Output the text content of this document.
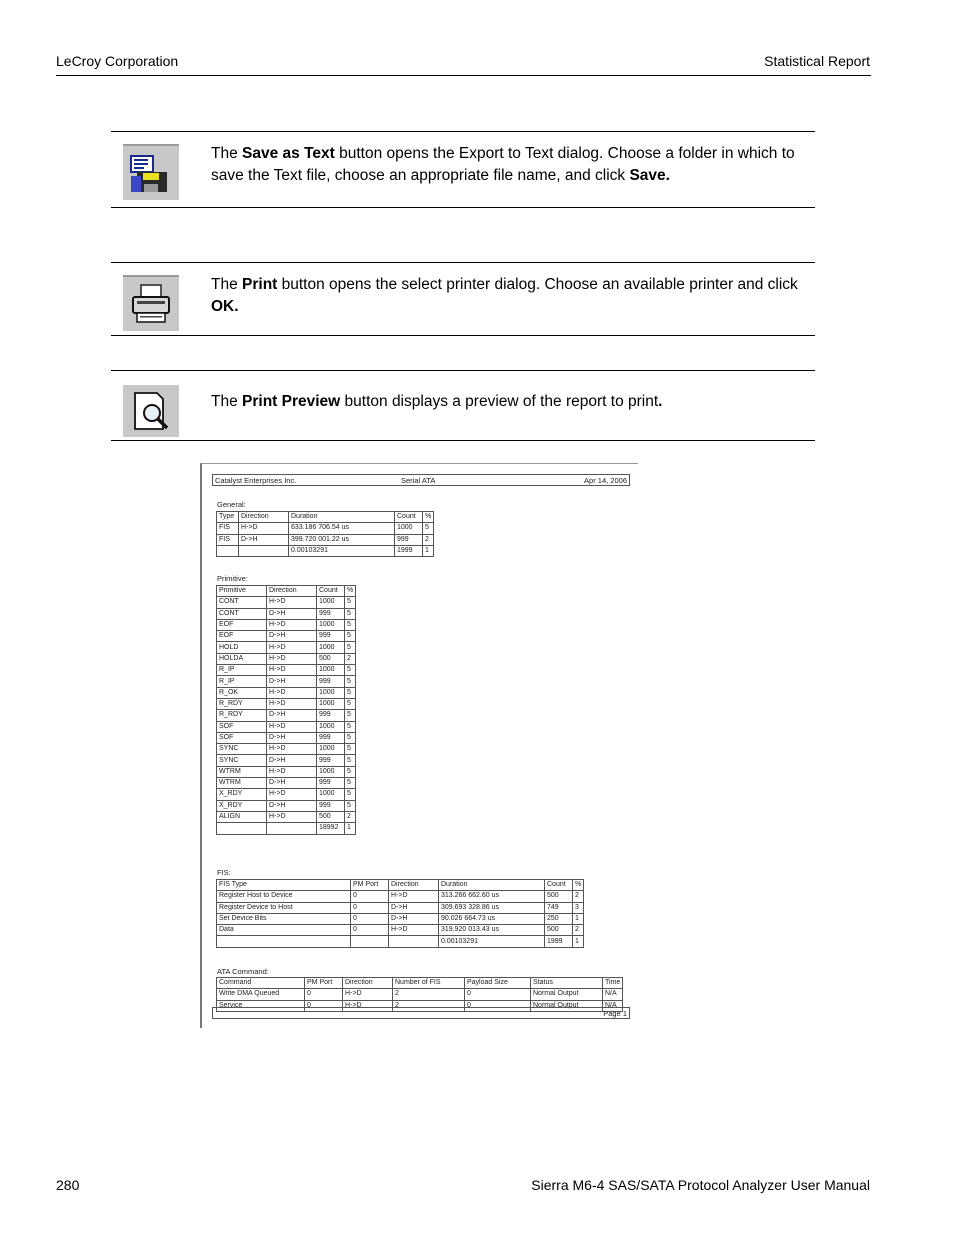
LeCroy Corporation	Statistical Report
The Save as Text button opens the Export to Text dialog. Choose a folder in which to save the Text file, choose an appropriate file name, and click Save.
The Print button opens the select printer dialog. Choose an available printer and click OK.
The Print Preview button displays a preview of the report to print.
Catalyst Enterprises Inc.	Serial ATA	Apr 14, 2006
General:
Type	Direction	Duration	Count	%
FIS	H->D	633.186 706.54 us	1000	5
FIS	D->H	399.720 001.22 us	999	2
		0.00103291	1999	1
Primitive:
Primitive	Direction	Count	%
CONT	H->D	1000	5
CONT	D->H	999	5
EOF	H->D	1000	5
EOF	D->H	999	5
HOLD	H->D	1000	5
HOLDA	H->D	500	2
R_IP	H->D	1000	5
R_IP	D->H	999	5
R_OK	H->D	1000	5
R_RDY	H->D	1000	5
R_RDY	D->H	999	5
SOF	H->D	1000	5
SOF	D->H	999	5
SYNC	H->D	1000	5
SYNC	D->H	999	5
WTRM	H->D	1000	5
WTRM	D->H	999	5
X_RDY	H->D	1000	5
X_RDY	D->H	999	5
ALIGN	H->D	500	2
		18992	1
FIS:
FIS Type	PM Port	Direction	Duration	Count	%
Register Host to Device	0	H->D	313.266 662.60 us	500	2
Register Device to Host	0	D->H	309.693 328.86 us	749	3
Set Device Bits	0	D->H	90.026 664.73 us	250	1
Data	0	H->D	319.920 013.43 us	500	2
			0.00103291	1999	1
ATA Command:
Command	PM Port	Direction	Number of FIS	Payload Size	Status	Time
Write DMA Queued	0	H->D	2	0	Normal Output	N/A
Service	0	H->D	2	0	Normal Output	N/A
Page 1
280	Sierra M6-4 SAS/SATA Protocol Analyzer User Manual
